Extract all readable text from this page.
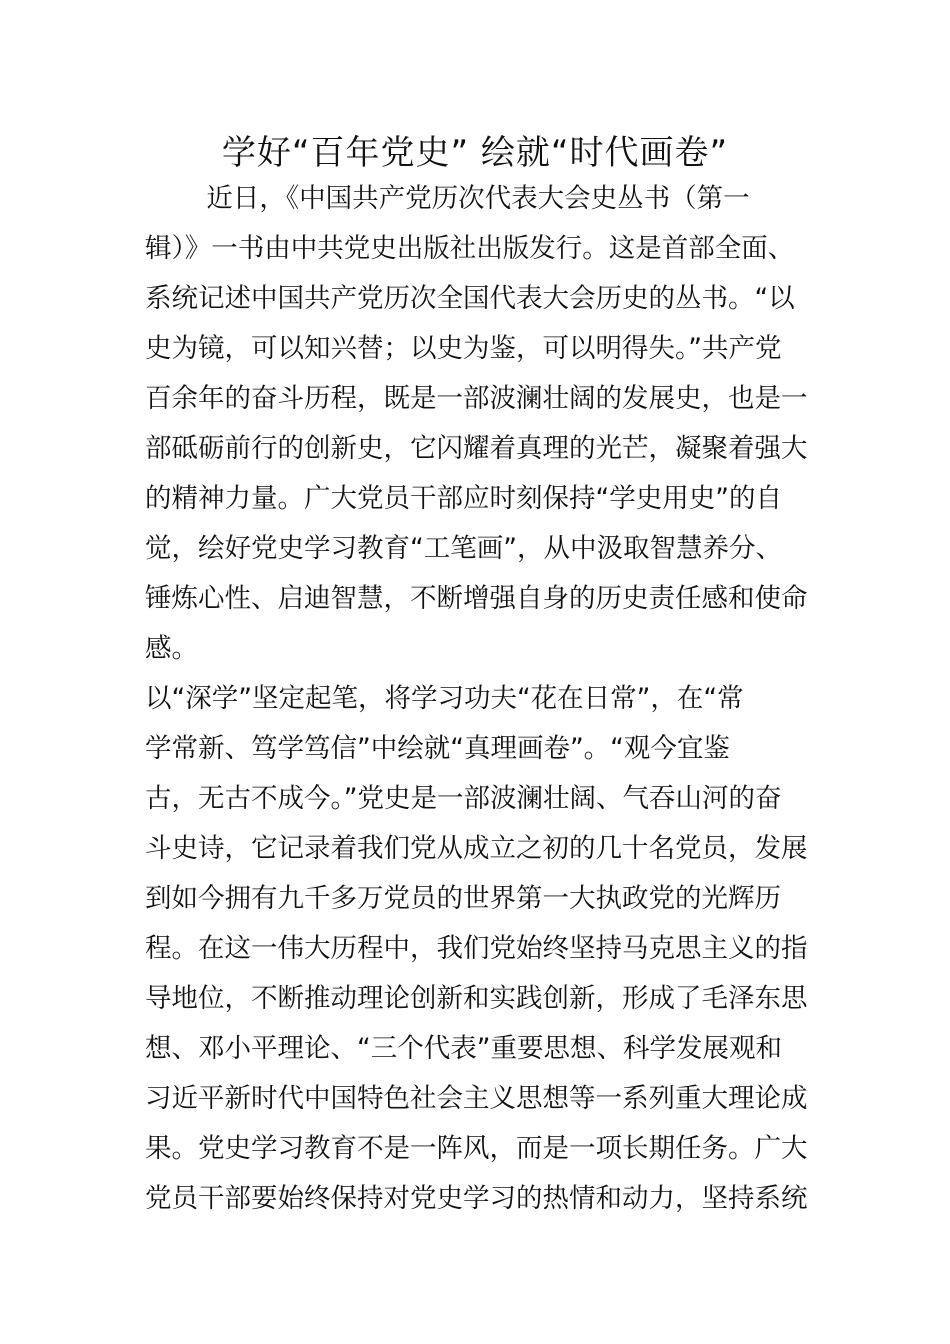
学好“百年党史” 绘就“时代画卷”

　　 近日，《中国共产党历次代表大会史丛书（第一

辑）》一书由中共党史出版社出版发行。这是首部全面、

系统记述中国共产党历次全国代表大会历史的丛书。“以

史为镜，可以知兴替；以史为鉴，可以明得失。”共产党

百余年的奋斗历程，既是一部波澜壮阔的发展史，也是一

部砥砺前行的创新史，它闪耀着真理的光芒，凝聚着强大

的精神力量。广大党员干部应时刻保持“学史用史”的自

觉，绘好党史学习教育“工笔画”，从中汲取智慧养分、

锤炼心性、启迪智慧，不断增强自身的历史责任感和使命

感。

以“深学”坚定起笔，将学习功夫“花在日常”，在“常

学常新、笃学笃信”中绘就“真理画卷”。“观今宜鉴

古，无古不成今。”党史是一部波澜壮阔、气吞山河的奋

斗史诗，它记录着我们党从成立之初的几十名党员，发展

到如今拥有九千多万党员的世界第一大执政党的光辉历

程。在这一伟大历程中，我们党始终坚持马克思主义的指

导地位，不断推动理论创新和实践创新，形成了毛泽东思

想、邓小平理论、“三个代表”重要思想、科学发展观和

习近平新时代中国特色社会主义思想等一系列重大理论成

果。党史学习教育不是一阵风，而是一项长期任务。广大

党员干部要始终保持对党史学习的热情和动力，坚持系统
